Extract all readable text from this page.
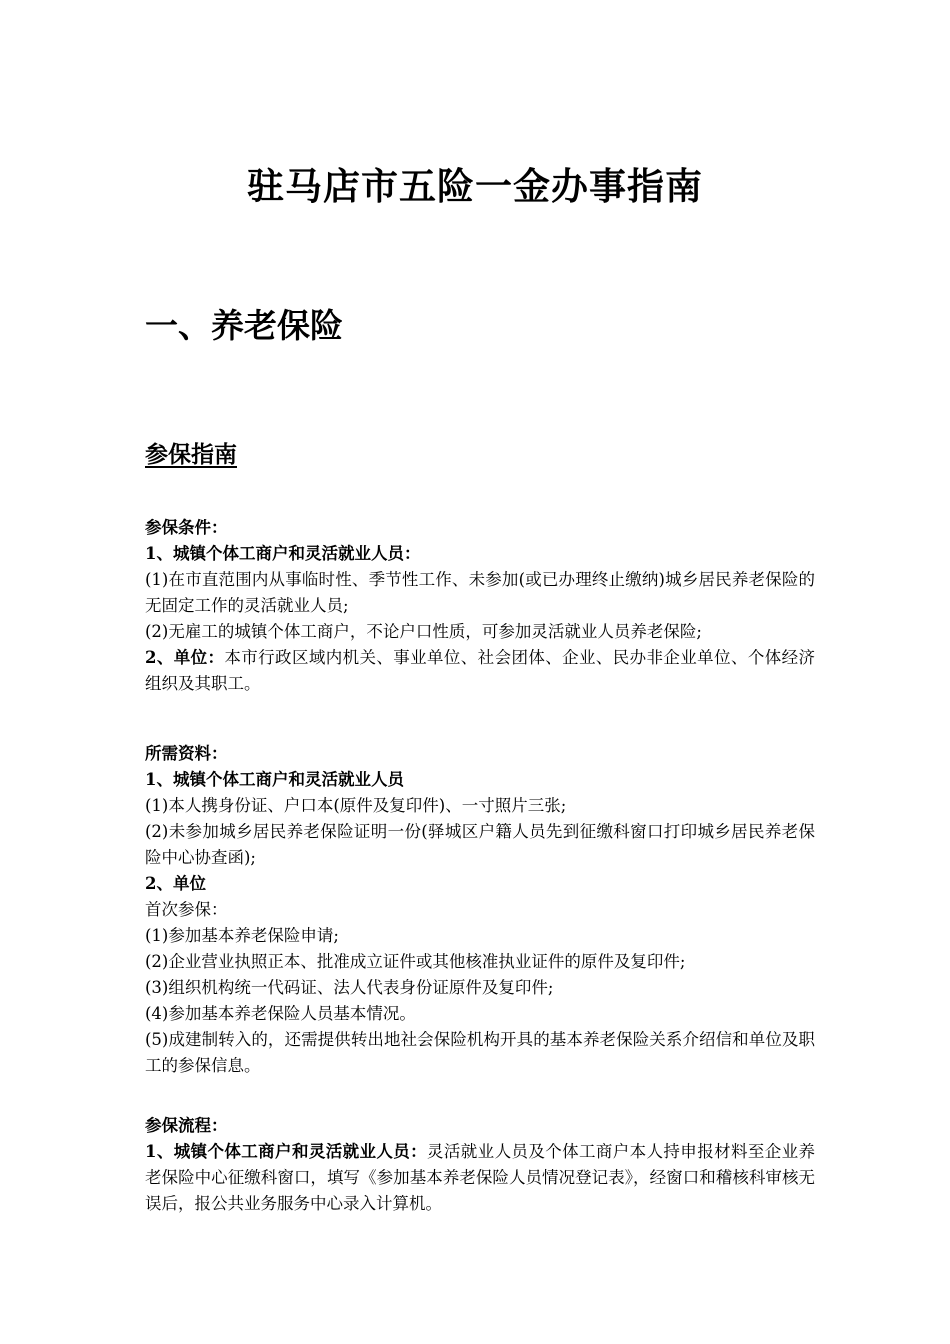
驻马店市五险一金办事指南
一、养老保险
参保指南

参保条件：

1、城镇个体工商户和灵活就业人员：

(1)在市直范围内从事临时性、季节性工作、未参加(或已办理终止缴纳)城乡居民养老保险的无固定工作的灵活就业人员;

(2)无雇工的城镇个体工商户，不论户口性质，可参加灵活就业人员养老保险;

2、单位：本市行政区域内机关、事业单位、社会团体、企业、民办非企业单位、个体经济组织及其职工。

所需资料：

1、城镇个体工商户和灵活就业人员

(1)本人携身份证、户口本(原件及复印件)、一寸照片三张;

(2)未参加城乡居民养老保险证明一份(驿城区户籍人员先到征缴科窗口打印城乡居民养老保险中心协查函);

2、单位

首次参保：

(1)参加基本养老保险申请;

(2)企业营业执照正本、批准成立证件或其他核准执业证件的原件及复印件;

(3)组织机构统一代码证、法人代表身份证原件及复印件;

(4)参加基本养老保险人员基本情况。

(5)成建制转入的，还需提供转出地社会保险机构开具的基本养老保险关系介绍信和单位及职工的参保信息。

参保流程：

1、城镇个体工商户和灵活就业人员：灵活就业人员及个体工商户本人持申报材料至企业养老保险中心征缴科窗口，填写《参加基本养老保险人员情况登记表》，经窗口和稽核科审核无误后，报公共业务服务中心录入计算机。
